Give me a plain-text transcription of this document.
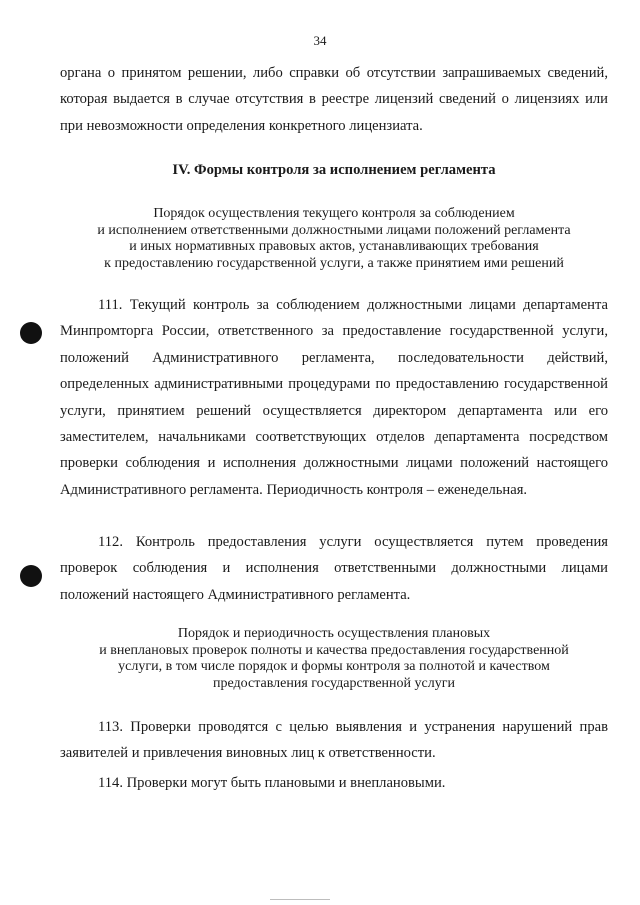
34

органа о принятом решении, либо справки об отсутствии запрашиваемых сведений, которая выдается в случае отсутствия в реестре лицензий сведений о лицензиях или при невозможности определения конкретного лицензиата.

IV. Формы контроля за исполнением регламента

Порядок осуществления текущего контроля за соблюдением
и исполнением ответственными должностными лицами положений регламента
и иных нормативных правовых актов, устанавливающих требования
к предоставлению государственной услуги, а также принятием ими решений

111. Текущий контроль за соблюдением должностными лицами департамента Минпромторга России, ответственного за предоставление государственной услуги, положений Административного регламента, последовательности действий, определенных административными процедурами по предоставлению государственной услуги, принятием решений осуществляется директором департамента или его заместителем, начальниками соответствующих отделов департамента посредством проверки соблюдения и исполнения должностными лицами положений настоящего Административного регламента. Периодичность контроля – еженедельная.

112. Контроль предоставления услуги осуществляется путем проведения проверок соблюдения и исполнения ответственными должностными лицами положений настоящего Административного регламента.

Порядок и периодичность осуществления плановых
и внеплановых проверок полноты и качества предоставления государственной
услуги, в том числе порядок и формы контроля за полнотой и качеством
предоставления государственной услуги

113. Проверки проводятся с целью выявления и устранения нарушений прав заявителей и привлечения виновных лиц к ответственности.

114. Проверки могут быть плановыми и внеплановыми.
